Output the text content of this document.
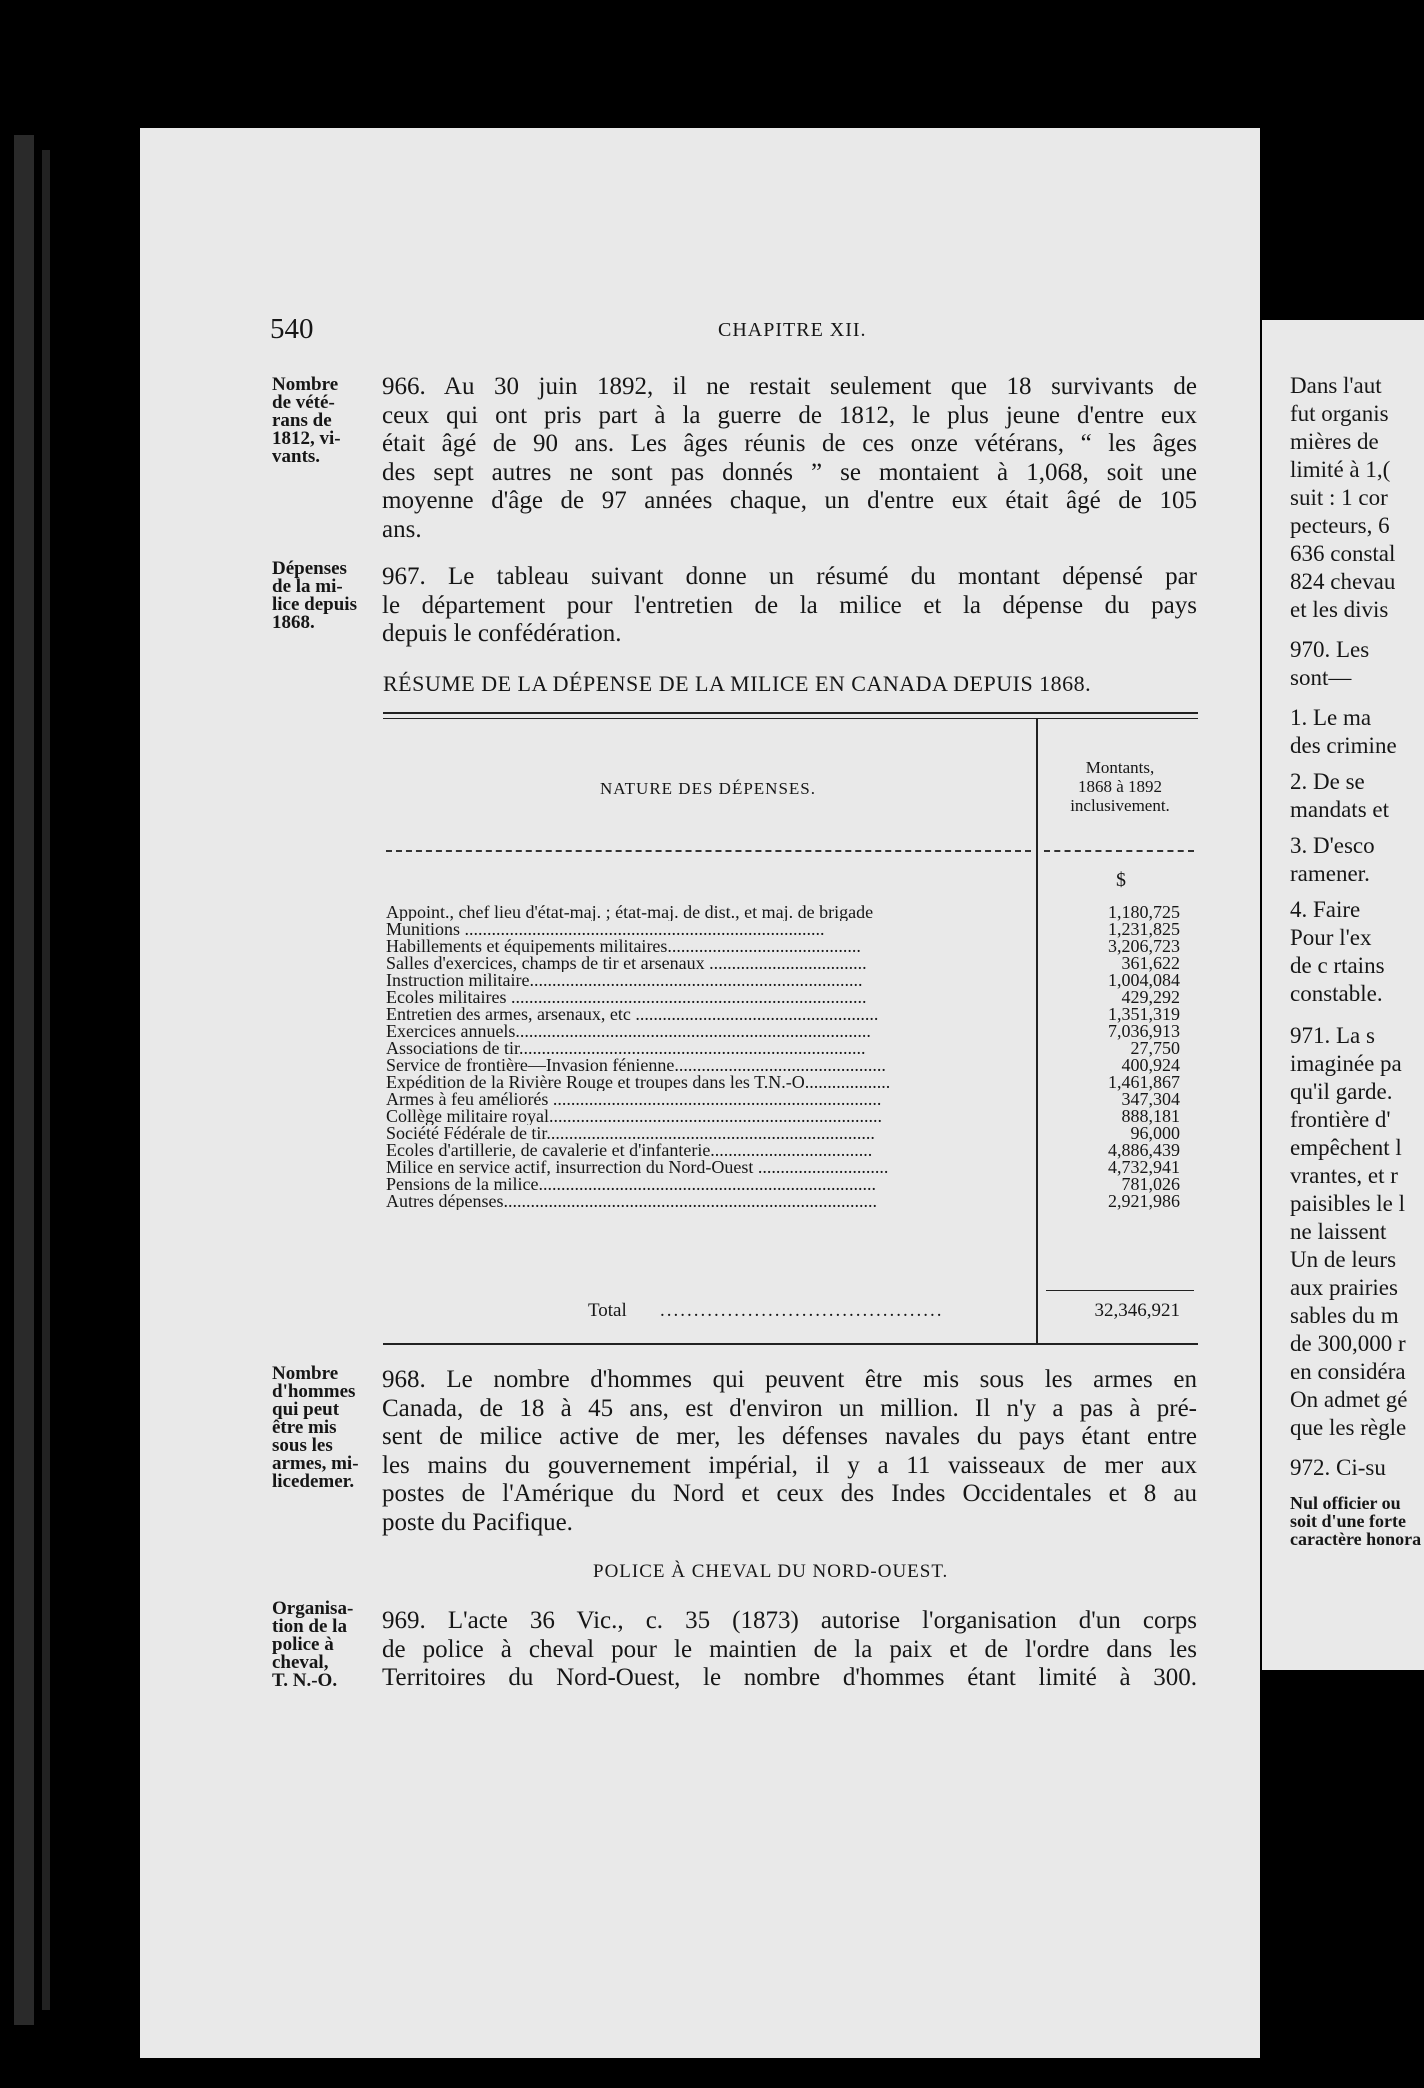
540	CHAPITRE XII.
Nombre
de vété-
rans de
1812, vi-
vants.
Dépenses
de la mi-
lice depuis
1868.
Nombre
d'hommes
qui peut
être mis
sous les
armes, mi-
licedemer.
Organisa-
tion de la
police à
cheval,
T. N.-O.
966. Au 30 juin 1892, il ne restait seulement que 18 survivants de
ceux qui ont pris part à la guerre de 1812, le plus jeune d'entre eux
était âgé de 90 ans. Les âges réunis de ces onze vétérans, “ les âges
des sept autres ne sont pas donnés ” se montaient à 1,068, soit une
moyenne d'âge de 97 années chaque, un d'entre eux était âgé de 105
ans.
967. Le tableau suivant donne un résumé du montant dépensé par
le département pour l'entretien de la milice et la dépense du pays
depuis le confédération.
RÉSUME DE LA DÉPENSE DE LA MILICE EN CANADA DEPUIS 1868.
NATURE DES DÉPENSES.
Montants,
1868 à 1892
inclusivement.
$
Appoint., chef lieu d'état-maj. ; état-maj. de dist., et maj. de brigade	1,180,725
Munitions ................................................................................	1,231,825
Habillements et équipements militaires...........................................	3,206,723
Salles d'exercices, champs de tir et arsenaux ...................................	361,622
Instruction militaire..........................................................................	1,004,084
Ecoles militaires ...............................................................................	429,292
Entretien des armes, arsenaux, etc ......................................................	1,351,319
Exercices annuels...............................................................................	7,036,913
Associations de tir.............................................................................	27,750
Service de frontière—Invasion fénienne...............................................	400,924
Expédition de la Rivière Rouge et troupes dans les T.N.-O...................	1,461,867
Armes à feu améliorés .........................................................................	347,304
Collège militaire royal..........................................................................	888,181
Société Fédérale de tir.........................................................................	96,000
Ecoles d'artillerie, de cavalerie et d'infanterie....................................	4,886,439
Milice en service actif, insurrection du Nord-Ouest .............................	4,732,941
Pensions de la milice...........................................................................	781,026
Autres dépenses...................................................................................	2,921,986
Total ..........................................	32,346,921
968. Le nombre d'hommes qui peuvent être mis sous les armes en
Canada, de 18 à 45 ans, est d'environ un million. Il n'y a pas à pré-
sent de milice active de mer, les défenses navales du pays étant entre
les mains du gouvernement impérial, il y a 11 vaisseaux de mer aux
postes de l'Amérique du Nord et ceux des Indes Occidentales et 8 au
poste du Pacifique.
POLICE À CHEVAL DU NORD-OUEST.
969. L'acte 36 Vic., c. 35 (1873) autorise l'organisation d'un corps
de police à cheval pour le maintien de la paix et de l'ordre dans les
Territoires du Nord-Ouest, le nombre d'hommes étant limité à 300.
Dans l'aut
fut organis
mières de
limité à 1,(
suit : 1 cor
pecteurs, 6
636 constal
824 chevau
et les divis
970. Les
sont—
1. Le ma
des crimine
2. De se
mandats et
3. D'esco
ramener.
4. Faire
Pour l'ex
de c rtains
constable.
971. La s
imaginée pa
qu'il garde.
frontière d'
empêchent l
vrantes, et r
paisibles le l
ne laissent
Un de leurs
aux prairies
sables du m
de 300,000 r
en considéra
On admet gé
que les règle
972. Ci-su
Nul officier ou
soit d'une forte
caractère honora
